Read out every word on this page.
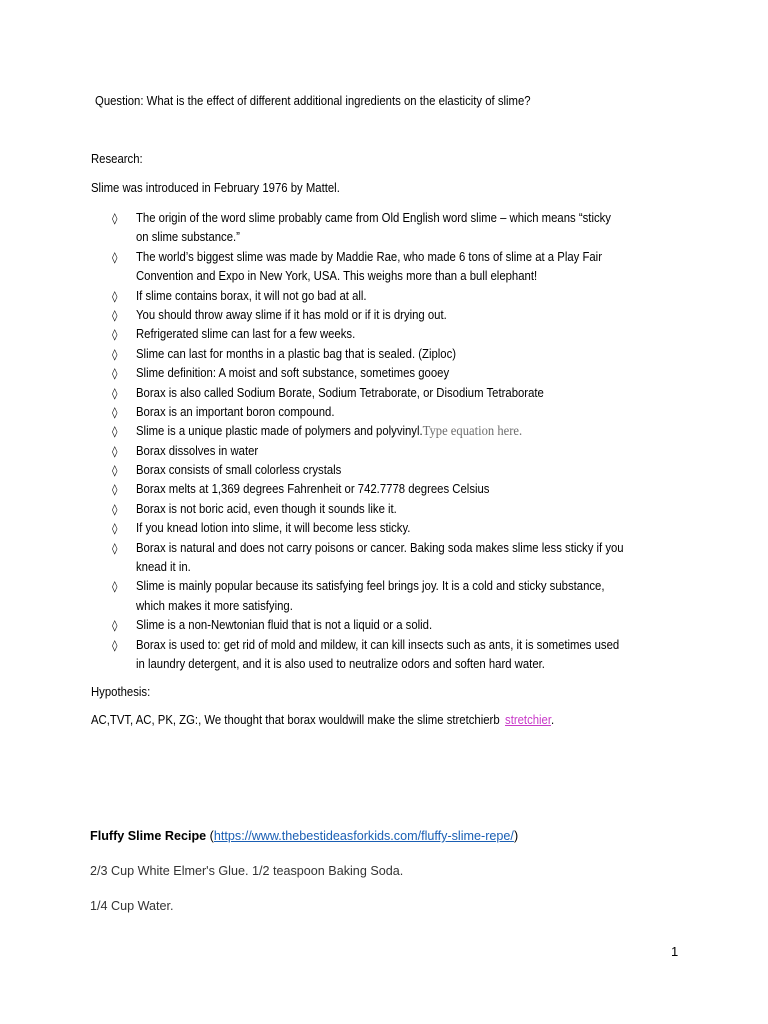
Question: What is the effect of different additional ingredients on the elasticity of slime?
Research:
Slime was introduced in February 1976 by Mattel.
◊ The origin of the word slime probably came from Old English word slime – which means “sticky
on slime substance.”
◊ The world’s biggest slime was made by Maddie Rae, who made 6 tons of slime at a Play Fair
Convention and Expo in New York, USA. This weighs more than a bull elephant!
◊ If slime contains borax, it will not go bad at all.
◊ You should throw away slime if it has mold or if it is drying out.
◊ Refrigerated slime can last for a few weeks.
◊ Slime can last for months in a plastic bag that is sealed. (Ziploc)
◊ Slime definition: A moist and soft substance, sometimes gooey
◊ Borax is also called Sodium Borate, Sodium Tetraborate, or Disodium Tetraborate
◊ Borax is an important boron compound.
◊ Slime is a unique plastic made of polymers and polyvinyl.Type equation here.
◊ Borax dissolves in water
◊ Borax consists of small colorless crystals
◊ Borax melts at 1,369 degrees Fahrenheit or 742.7778 degrees Celsius
◊ Borax is not boric acid, even though it sounds like it.
◊ If you knead lotion into slime, it will become less sticky.
◊ Borax is natural and does not carry poisons or cancer. Baking soda makes slime less sticky if you
knead it in.
◊ Slime is mainly popular because its satisfying feel brings joy. It is a cold and sticky substance,
which makes it more satisfying.
◊ Slime is a non-Newtonian fluid that is not a liquid or a solid.
◊ Borax is used to: get rid of mold and mildew, it can kill insects such as ants, it is sometimes used
in laundry detergent, and it is also used to neutralize odors and soften hard water.
Hypothesis:
AC,TVT, AC, PK, ZG:, We thought that borax wouldwill make the slime stretchierb stretchier.
Fluffy Slime Recipe (https://www.thebestideasforkids.com/fluffy-slime-repe/)
2/3 Cup White Elmer's Glue. 1/2 teaspoon Baking Soda.
1/4 Cup Water.
1
